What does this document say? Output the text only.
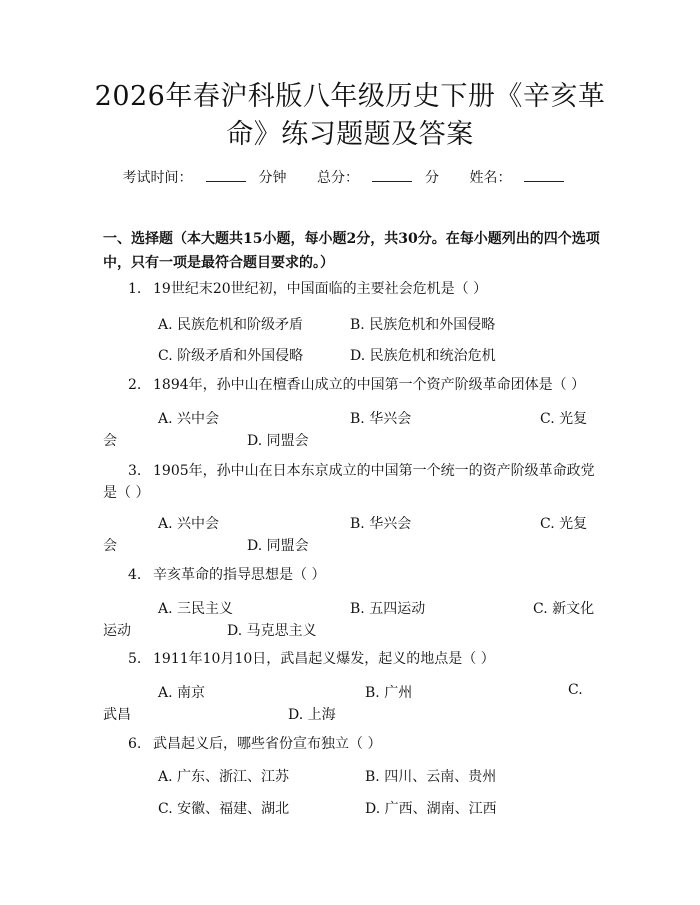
2026年春沪科版八年级历史下册《辛亥革命》练习题题及答案
考试时间：	分钟 总分：	分 姓名：
一、选择题（本大题共15小题，每小题2分，共30分。在每小题列出的四个选项中，只有一项是最符合题目要求的。）
1. 19世纪末20世纪初，中国面临的主要社会危机是（ ）
A. 民族危机和阶级矛盾	B. 民族危机和外国侵略
C. 阶级矛盾和外国侵略	D. 民族危机和统治危机
2. 1894年，孙中山在檀香山成立的中国第一个资产阶级革命团体是（ ）
A. 兴中会	B. 华兴会	C. 光复
会	D. 同盟会
3. 1905年，孙中山在日本东京成立的中国第一个统一的资产阶级革命政党是（ ）
A. 兴中会	B. 华兴会	C. 光复
会	D. 同盟会
4. 辛亥革命的指导思想是（ ）
A. 三民主义	B. 五四运动	C. 新文化
运动	D. 马克思主义
5. 1911年10月10日，武昌起义爆发，起义的地点是（ ）
A. 南京	B. 广州	C.
武昌	D. 上海
6. 武昌起义后，哪些省份宣布独立（ ）
A. 广东、浙江、江苏	B. 四川、云南、贵州
C. 安徽、福建、湖北	D. 广西、湖南、江西
